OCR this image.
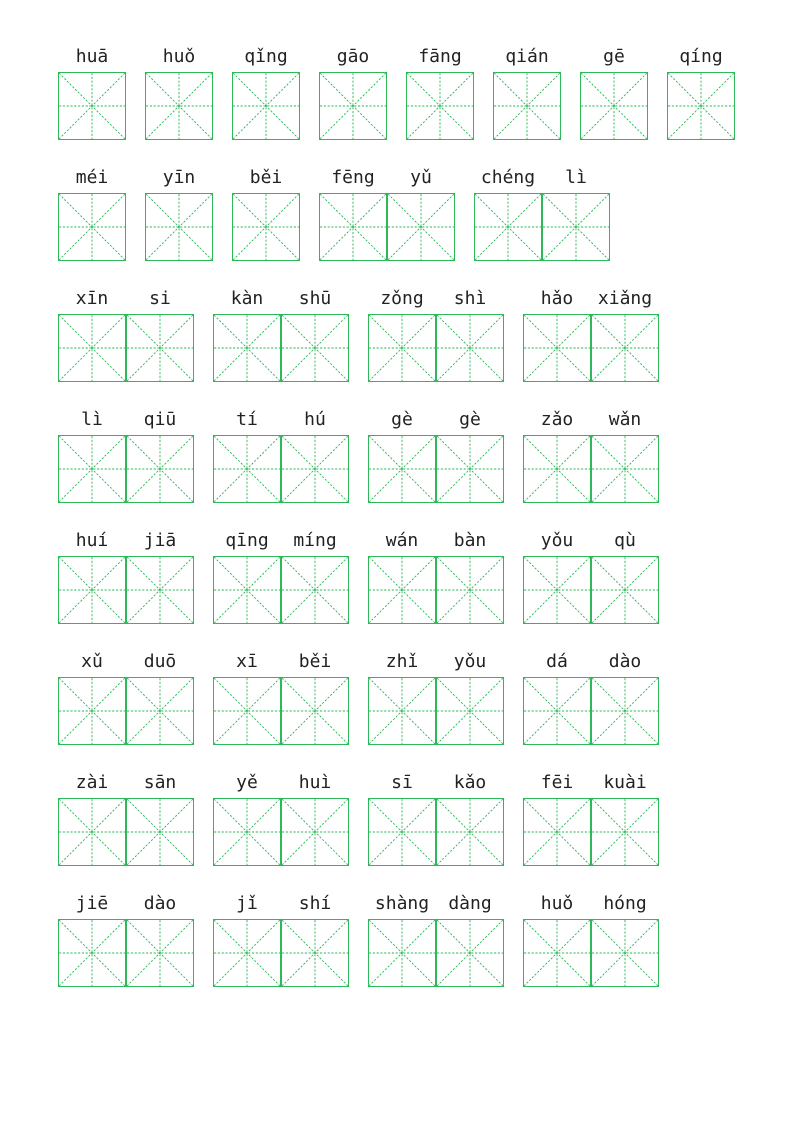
huā	huǒ	qǐng	gāo	fāng	qián	gē	qíng
méi	yīn	běi	fēng	yǔ	chéng	lì
xīn	si	kàn	shū	zǒng	shì	hǎo	xiǎng
lì	qiū	tí	hú	gè	gè	zǎo	wǎn
huí	jiā	qīng	míng	wán	bàn	yǒu	qù
xǔ	duō	xī	běi	zhǐ	yǒu	dá	dào
zài	sān	yě	huì	sī	kǎo	fēi	kuài
jiē	dào	jǐ	shí	shàng	dàng	huǒ	hóng
